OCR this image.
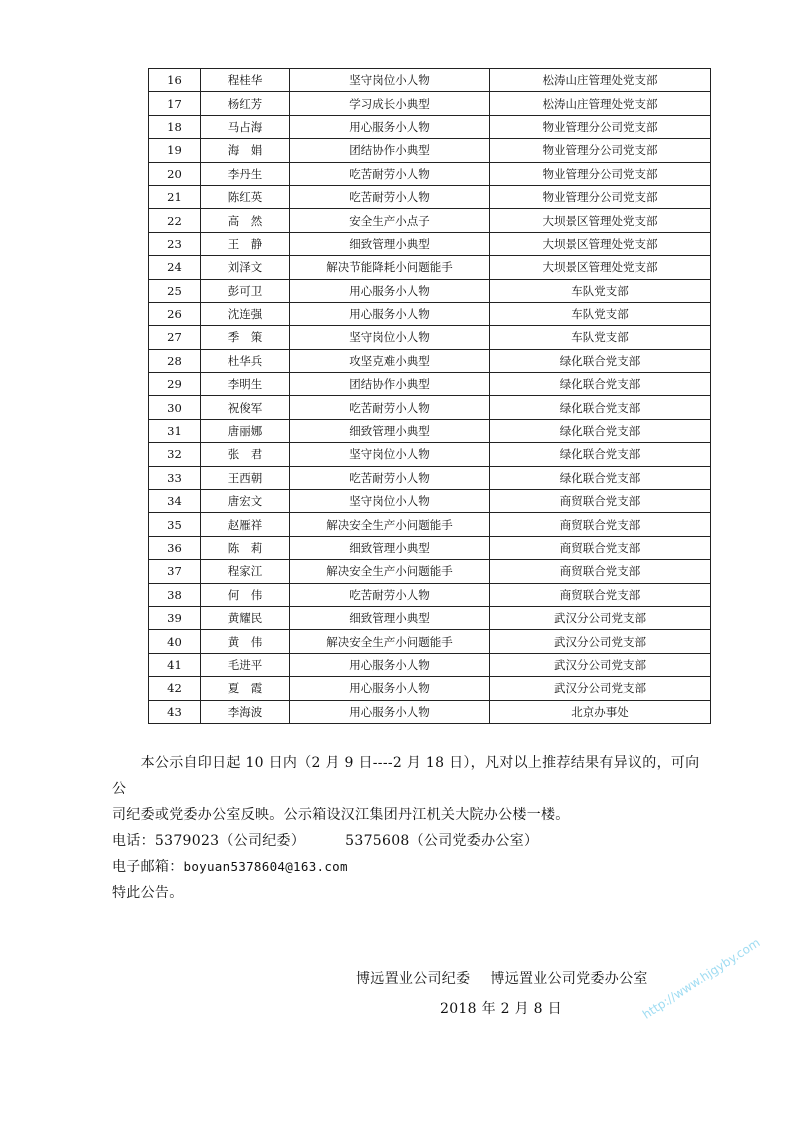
16	程桂华	坚守岗位小人物	松涛山庄管理处党支部
17	杨红芳	学习成长小典型	松涛山庄管理处党支部
18	马占海	用心服务小人物	物业管理分公司党支部
19	海　娟	团结协作小典型	物业管理分公司党支部
20	李丹生	吃苦耐劳小人物	物业管理分公司党支部
21	陈红英	吃苦耐劳小人物	物业管理分公司党支部
22	高　然	安全生产小点子	大坝景区管理处党支部
23	王　静	细致管理小典型	大坝景区管理处党支部
24	刘泽文	解决节能降耗小问题能手	大坝景区管理处党支部
25	彭可卫	用心服务小人物	车队党支部
26	沈连强	用心服务小人物	车队党支部
27	季　策	坚守岗位小人物	车队党支部
28	杜华兵	攻坚克难小典型	绿化联合党支部
29	李明生	团结协作小典型	绿化联合党支部
30	祝俊军	吃苦耐劳小人物	绿化联合党支部
31	唐丽娜	细致管理小典型	绿化联合党支部
32	张　君	坚守岗位小人物	绿化联合党支部
33	王西朝	吃苦耐劳小人物	绿化联合党支部
34	唐宏文	坚守岗位小人物	商贸联合党支部
35	赵雁祥	解决安全生产小问题能手	商贸联合党支部
36	陈　莉	细致管理小典型	商贸联合党支部
37	程家江	解决安全生产小问题能手	商贸联合党支部
38	何　伟	吃苦耐劳小人物	商贸联合党支部
39	黄耀民	细致管理小典型	武汉分公司党支部
40	黄　伟	解决安全生产小问题能手	武汉分公司党支部
41	毛进平	用心服务小人物	武汉分公司党支部
42	夏　霞	用心服务小人物	武汉分公司党支部
43	李海波	用心服务小人物	北京办事处

　　本公示自印日起 10 日内（2 月 9 日----2 月 18 日），凡对以上推荐结果有异议的，可向公

司纪委或党委办公室反映。公示箱设汉江集团丹江机关大院办公楼一楼。

电话：5379023（公司纪委）	5375608（公司党委办公室）

电子邮箱：boyuan5378604@163.com

特此公告。

博远置业公司纪委 博远置业公司党委办公室
2018 年 2 月 8 日	http://www.hjgyby.com
